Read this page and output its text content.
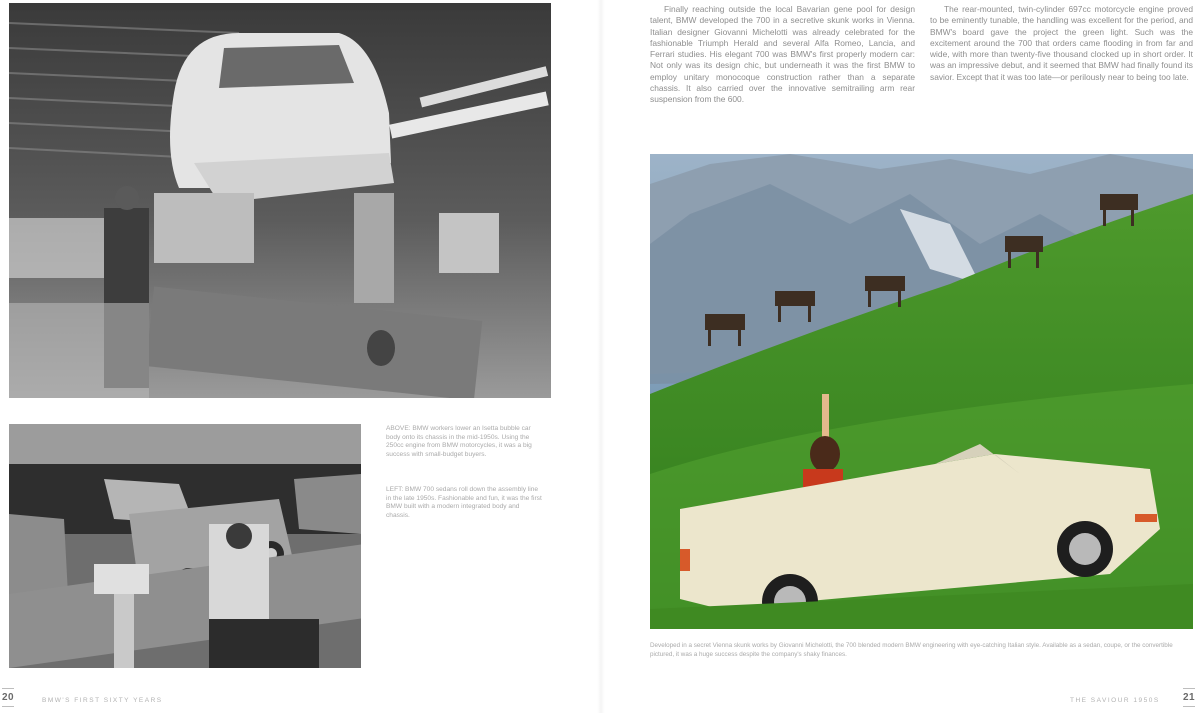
ABOVE: BMW workers lower an Isetta bubble car body onto its chassis in the mid-1950s. Using the 250cc engine from BMW motorcycles, it was a big success with small-budget buyers.

LEFT: BMW 700 sedans roll down the assembly line in the late 1950s. Fashionable and fun, it was the first BMW built with a modern integrated body and chassis.

20	BMW'S FIRST SIXTY YEARS

Finally reaching outside the local Bavarian gene pool for design talent, BMW developed the 700 in a secretive skunk works in Vienna. Italian designer Giovanni Michelotti was already celebrated for the fashionable Triumph Herald and several Alfa Romeo, Lancia, and Ferrari studies. His elegant 700 was BMW's first properly modern car: Not only was its design chic, but underneath it was the first BMW to employ unitary monocoque construction rather than a separate chassis. It also carried over the innovative semitrailing arm rear suspension from the 600.

The rear-mounted, twin-cylinder 697cc motorcycle engine proved to be eminently tunable, the handling was excellent for the period, and BMW's board gave the project the green light. Such was the excitement around the 700 that orders came flooding in from far and wide, with more than twenty-five thousand clocked up in short order. It was an impressive debut, and it seemed that BMW had finally found its savior. Except that it was too late—or perilously near to being too late.

Developed in a secret Vienna skunk works by Giovanni Michelotti, the 700 blended modern BMW engineering with eye-catching Italian style. Available as a sedan, coupe, or the convertible pictured, it was a huge success despite the company's shaky finances.

THE SAVIOUR 1950S 21
